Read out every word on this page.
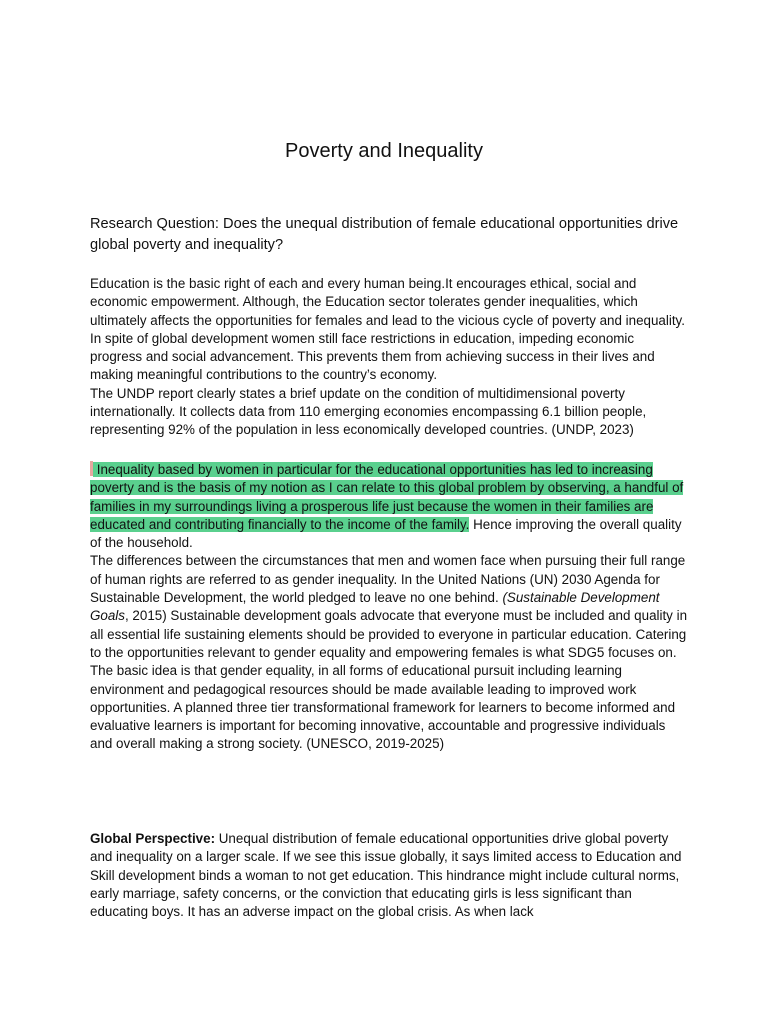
Poverty and Inequality

Research Question: Does the unequal distribution of female educational opportunities drive global poverty and inequality?

Education is the basic right of each and every human being.It encourages ethical, social and economic empowerment. Although, the Education sector tolerates gender inequalities, which ultimately affects the opportunities for females and lead to the vicious cycle of poverty and inequality. In spite of global development women still face restrictions in education, impeding economic progress and social advancement. This prevents them from achieving success in their lives and making meaningful contributions to the country’s economy.

The UNDP report clearly states a brief update on the condition of multidimensional poverty internationally. It collects data from 110 emerging economies encompassing 6.1 billion people, representing 92% of the population in less economically developed countries. (UNDP, 2023)

Inequality based by women in particular for the educational opportunities has led to increasing poverty and is the basis of my notion as I can relate to this global problem by observing, a handful of families in my surroundings living a prosperous life just because the women in their families are educated and contributing financially to the income of the family. Hence improving the overall quality of the household.

The differences between the circumstances that men and women face when pursuing their full range of human rights are referred to as gender inequality. In the United Nations (UN) 2030 Agenda for Sustainable Development, the world pledged to leave no one behind. (Sustainable Development Goals, 2015) Sustainable development goals advocate that everyone must be included and quality in all essential life sustaining elements should be provided to everyone in particular education. Catering to the opportunities relevant to gender equality and empowering females is what SDG5 focuses on. The basic idea is that gender equality, in all forms of educational pursuit including learning environment and pedagogical resources should be made available leading to improved work opportunities. A planned three tier transformational framework for learners to become informed and evaluative learners is important for becoming innovative, accountable and progressive individuals and overall making a strong society. (UNESCO, 2019-2025)

Global Perspective: Unequal distribution of female educational opportunities drive global poverty and inequality on a larger scale. If we see this issue globally, it says limited access to Education and Skill development binds a woman to not get education. This hindrance might include cultural norms, early marriage, safety concerns, or the conviction that educating girls is less significant than educating boys. It has an adverse impact on the global crisis. As when lack
